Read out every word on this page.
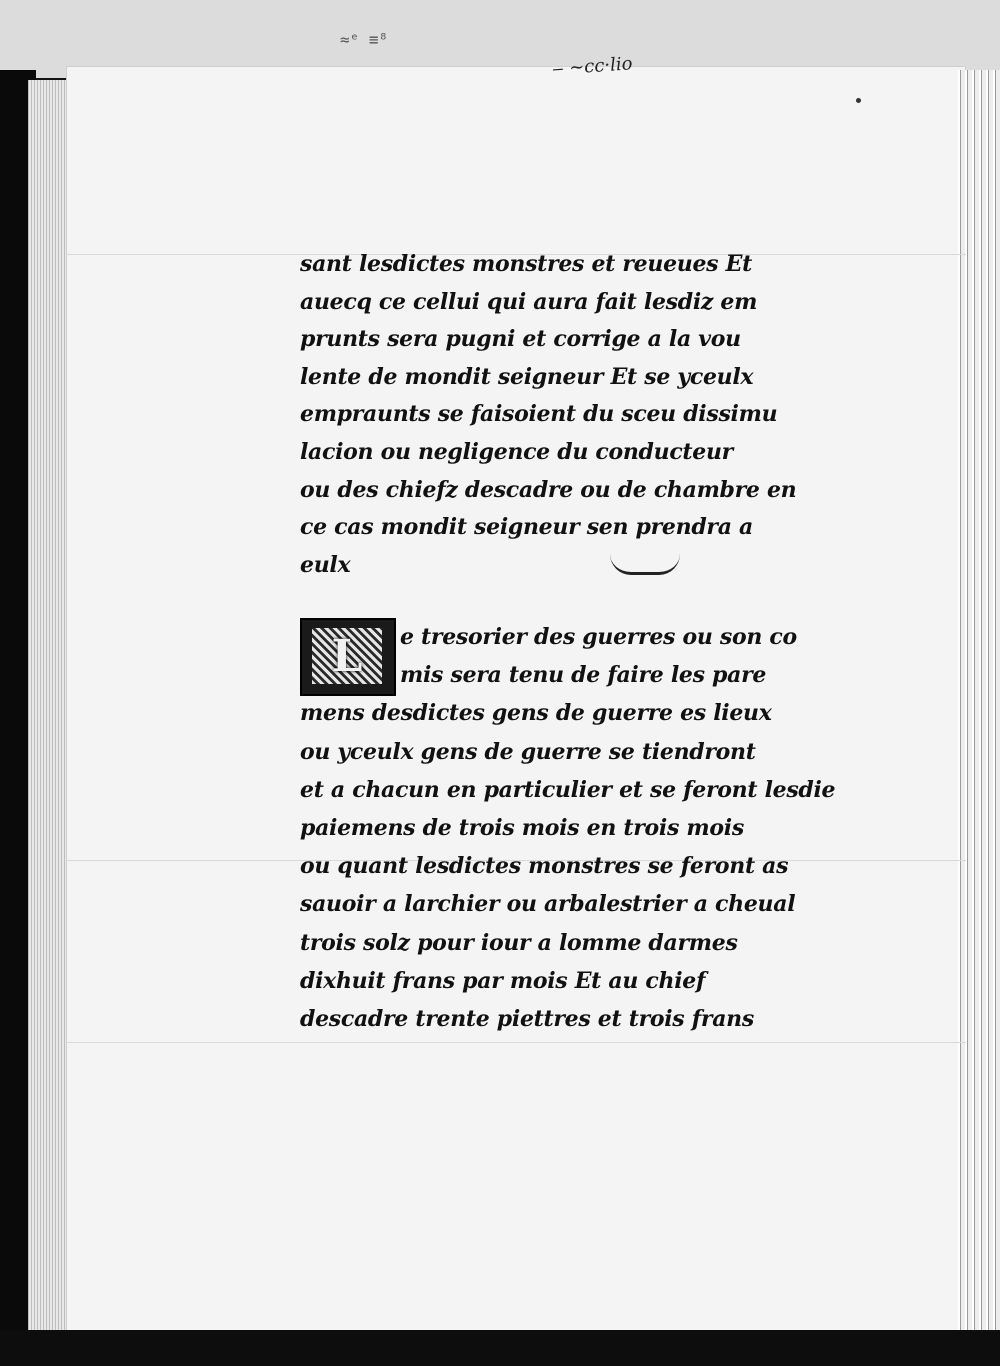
≈ᵉ ≡⁸
‒ ~cc·lio
sant lesdictes monstres et reueues Et
auecq ce cellui qui aura fait lesdiz em
prunts sera pugni et corrige a la vou
lente de mondit seigneur Et se yceulx
empraunts se faisoient du sceu dissimu
lacion ou negligence du conducteur
ou des chiefz descadre ou de chambre en
ce cas mondit seigneur sen prendra a
eulx
L	e tresorier des guerres ou son co
mis sera tenu de faire les pare
mens desdictes gens de guerre es lieux
ou yceulx gens de guerre se tiendront
et a chacun en particulier et se feront lesdie
paiemens de trois mois en trois mois
ou quant lesdictes monstres se feront as
sauoir a larchier ou arbalestrier a cheual
trois solz pour iour a lomme darmes
dixhuit frans par mois Et au chief
descadre trente piettres et trois frans
